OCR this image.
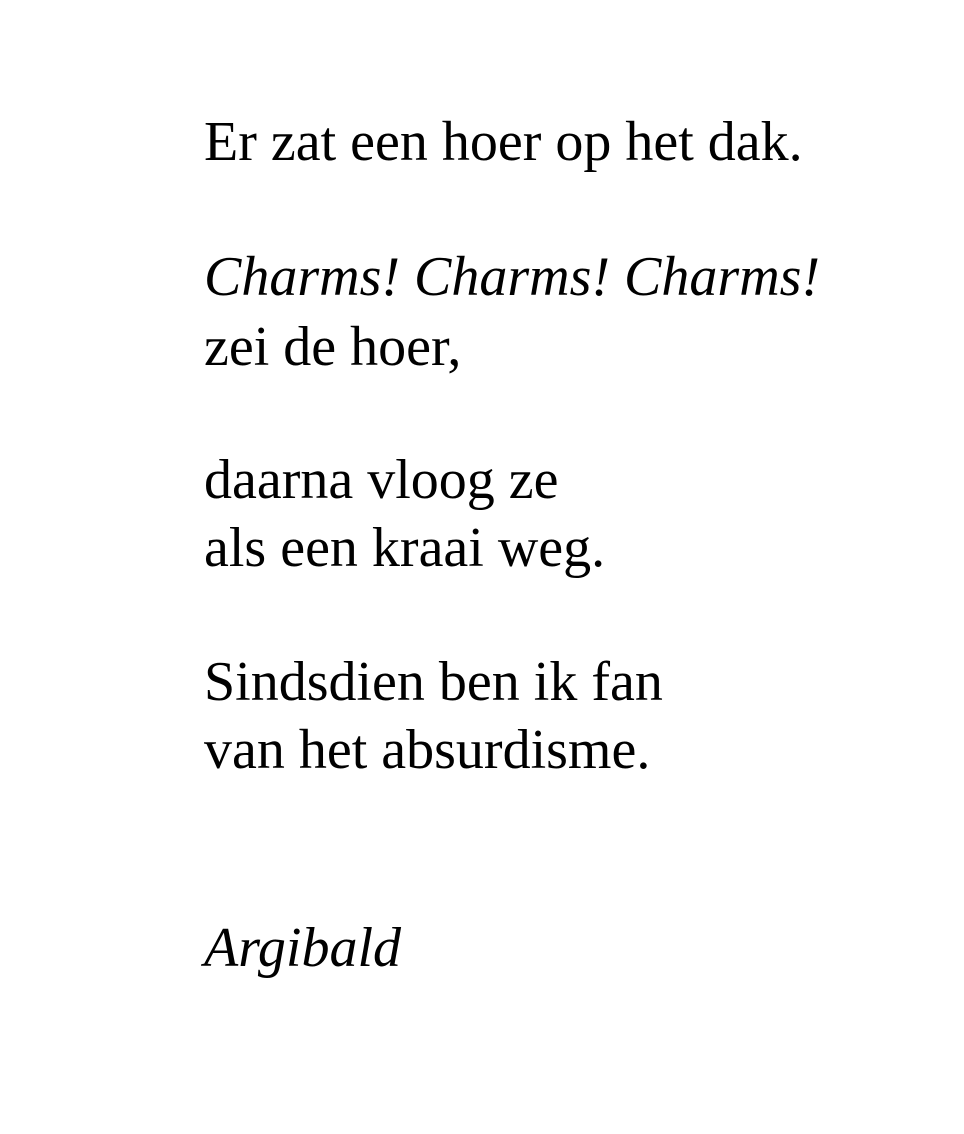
Er zat een hoer op het dak.

Charms! Charms! Charms!

zei de hoer,

daarna vloog ze

als een kraai weg.

Sindsdien ben ik fan

van het absurdisme.

Argibald
